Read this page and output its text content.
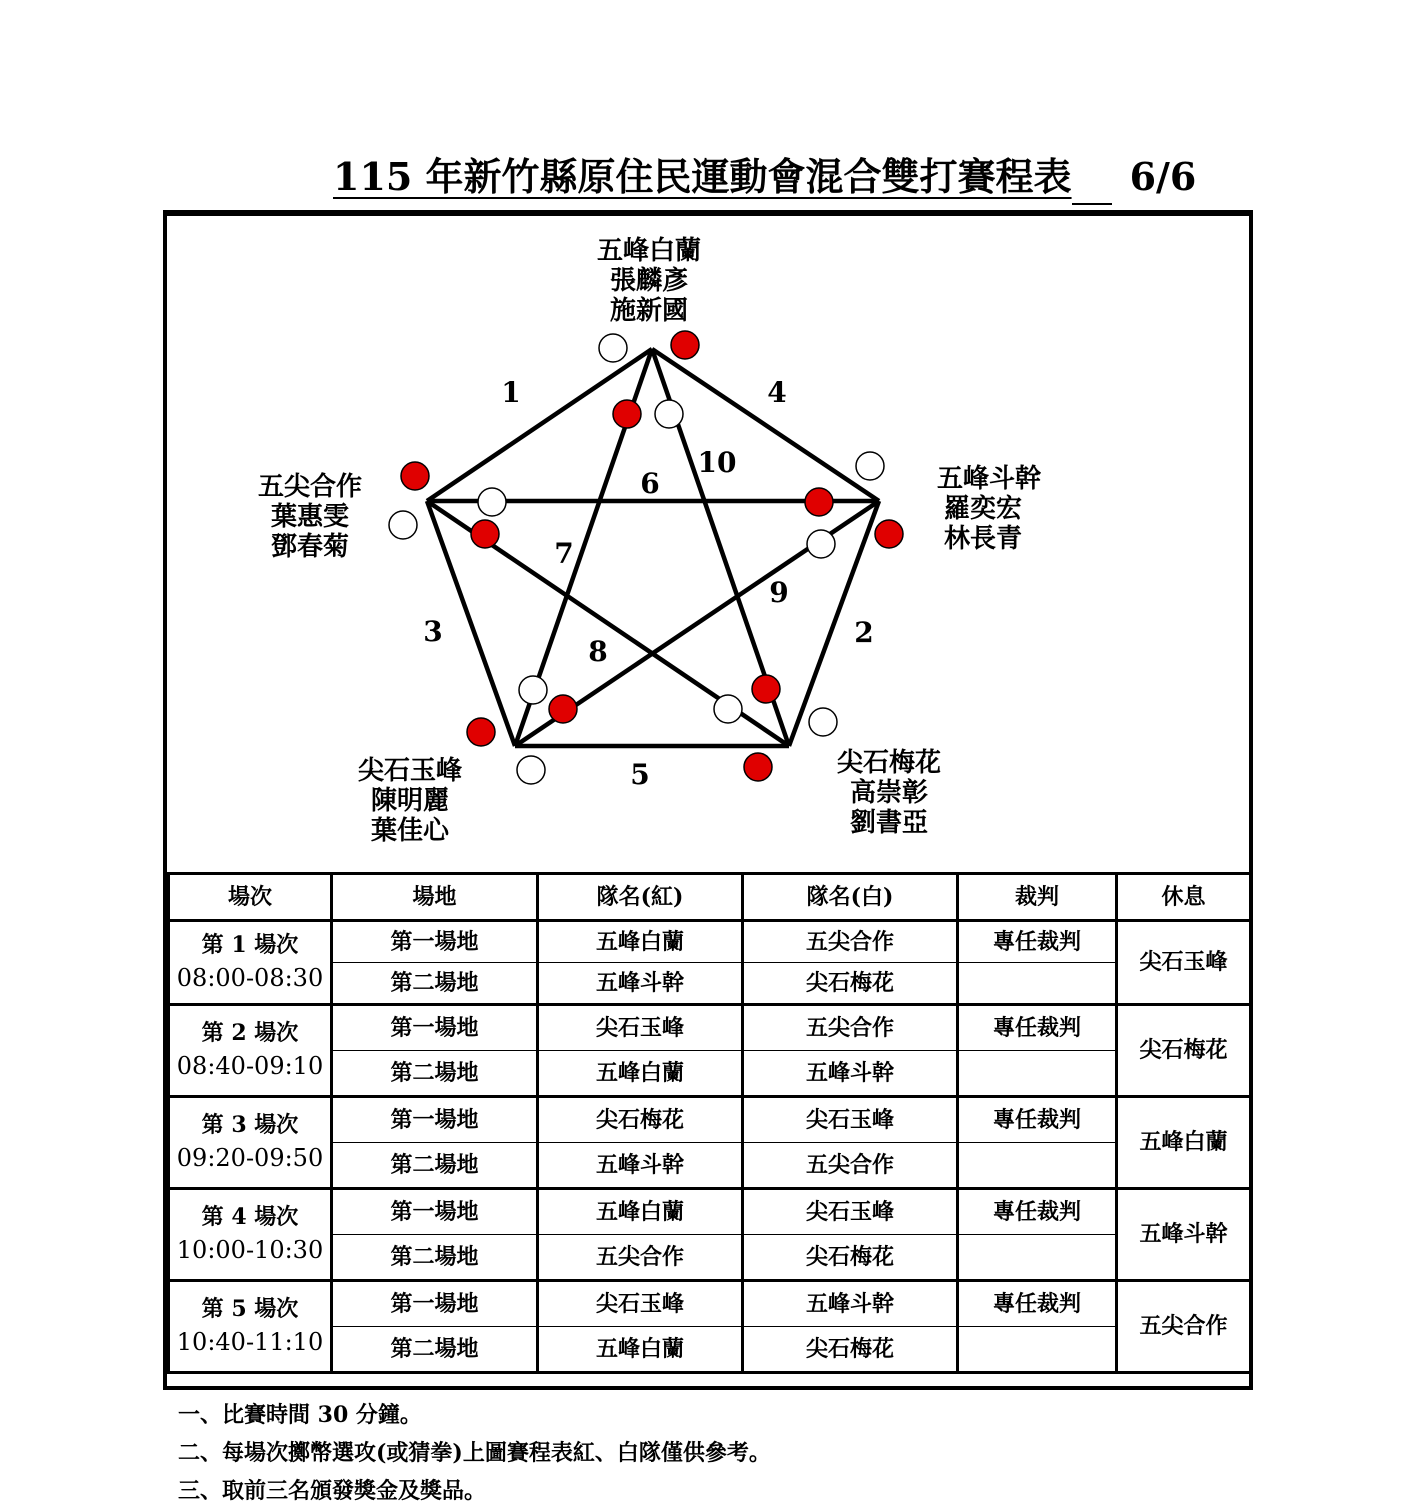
115 年新竹縣原住民運動會混合雙打賽程表 6/6
1
2
3
4
5
6
7
8
9
10
五峰白蘭
張麟彥
施新國
五峰斗幹
羅奕宏
林長青
尖石梅花
高崇彰
劉書亞
尖石玉峰
陳明麗
葉佳心
五尖合作
葉惠雯
鄧春菊
場次	場地	隊名(紅)	隊名(白)	裁判	休息
第 1 場次
08:00-08:30	第一場地	五峰白蘭	五尖合作	專任裁判	尖石玉峰
	第二場地	五峰斗幹	尖石梅花		
第 2 場次
08:40-09:10	第一場地	尖石玉峰	五尖合作	專任裁判	尖石梅花
	第二場地	五峰白蘭	五峰斗幹		
第 3 場次
09:20-09:50	第一場地	尖石梅花	尖石玉峰	專任裁判	五峰白蘭
	第二場地	五峰斗幹	五尖合作		
第 4 場次
10:00-10:30	第一場地	五峰白蘭	尖石玉峰	專任裁判	五峰斗幹
	第二場地	五尖合作	尖石梅花		
第 5 場次
10:40-11:10	第一場地	尖石玉峰	五峰斗幹	專任裁判	五尖合作
	第二場地	五峰白蘭	尖石梅花		
一、比賽時間 30 分鐘。
二、每場次擲幣選攻(或猜拳)上圖賽程表紅、白隊僅供參考。
三、取前三名頒發獎金及獎品。
